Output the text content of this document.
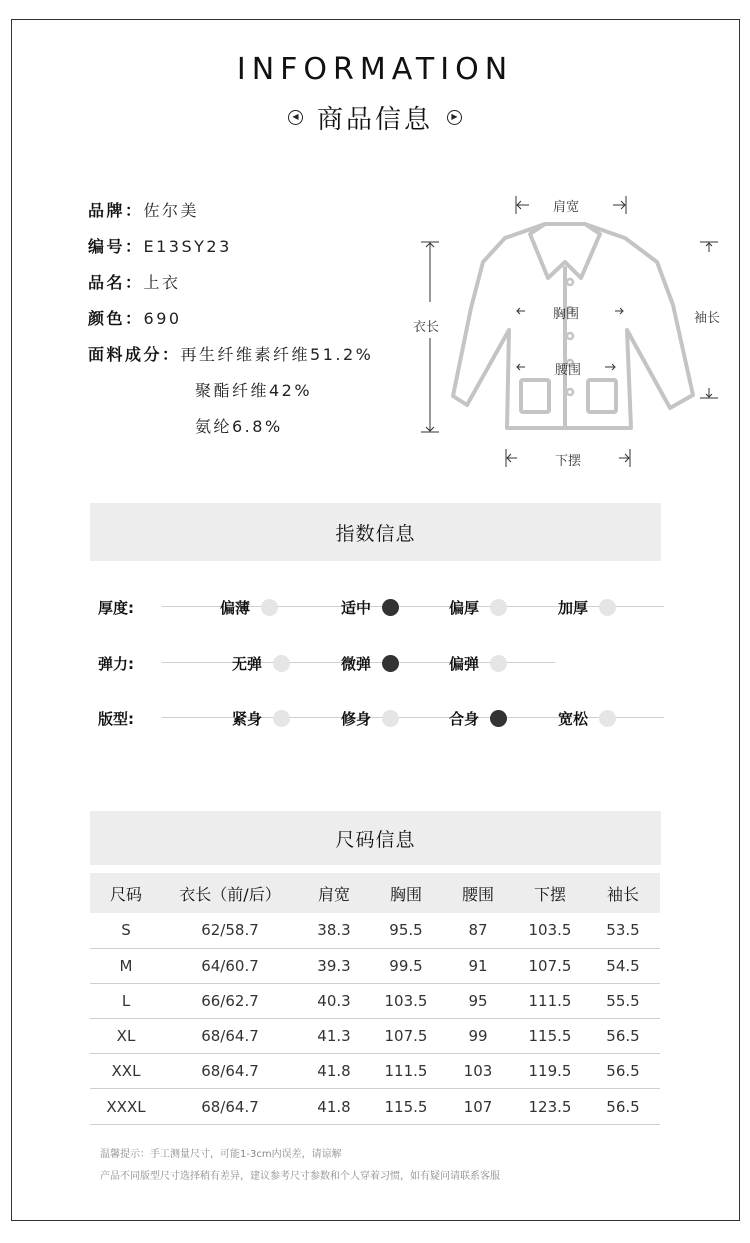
INFORMATION
◀ 商品信息	▶
品牌：佐尔美
编号：E13SY23
品名：上衣
颜色：690
面料成分：再生纤维素纤维51.2%
聚酯纤维42%
氨纶6.8%
肩宽
衣长
胸围	袖长
腰围
下摆
指数信息
厚度:	偏薄	适中	偏厚	加厚
弹力:	无弹	微弹	偏弹
版型:	紧身	修身	合身	宽松
尺码信息
尺码	衣长（前/后）	肩宽	胸围	腰围	下摆	袖长
S	62/58.7	38.3	95.5	87	103.5	53.5
M	64/60.7	39.3	99.5	91	107.5	54.5
L	66/62.7	40.3	103.5	95	111.5	55.5
XL	68/64.7	41.3	107.5	99	115.5	56.5
XXL	68/64.7	41.8	111.5	103	119.5	56.5
XXXL	68/64.7	41.8	115.5	107	123.5	56.5
温馨提示：手工测量尺寸，可能1-3cm内误差，请谅解
产品不同版型尺寸选择稍有差异，建议参考尺寸参数和个人穿着习惯，如有疑问请联系客服
